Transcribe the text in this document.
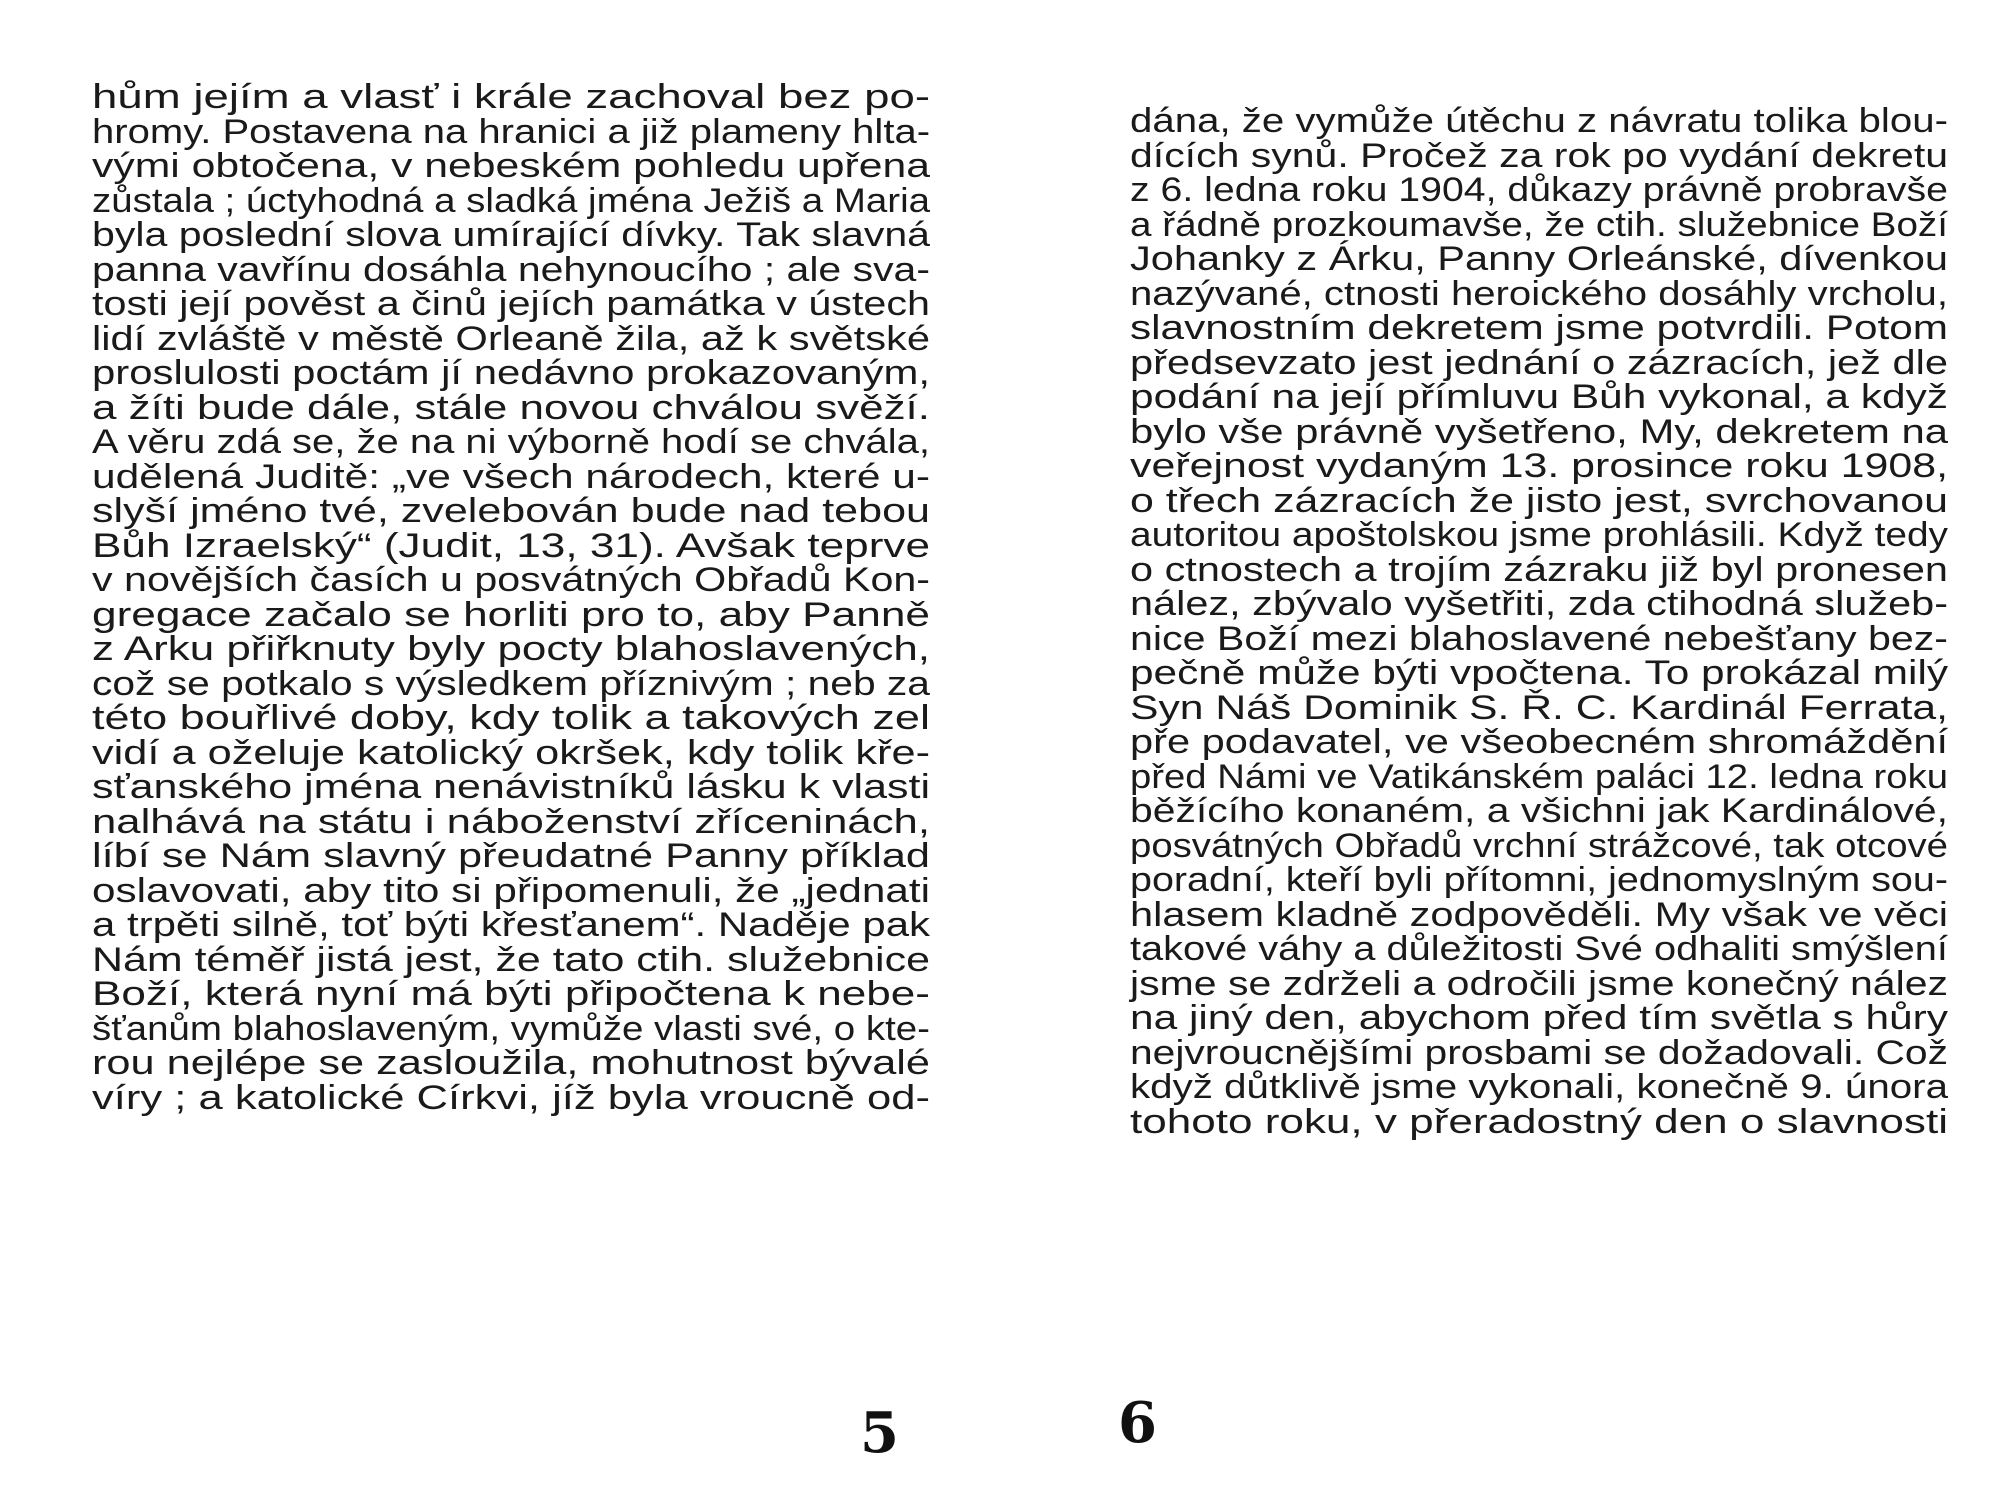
hům jejím a vlasť i krále zachoval bez po-
hromy. Postavena na hranici a již plameny hlta-
vými obtočena, v nebeském pohledu upřena
zůstala ; úctyhodná a sladká jména Ježiš a Maria
byla poslední slova umírající dívky. Tak slavná
panna vavřínu dosáhla nehynoucího ; ale sva-
tosti její pověst a činů jejích památka v ústech
lidí zvláště v městě Orleaně žila, až k světské
proslulosti poctám jí nedávno prokazovaným,
a žíti bude dále, stále novou chválou svěží.
A věru zdá se, že na ni výborně hodí se chvála,
udělená Juditě: „ve všech národech, které u-
slyší jméno tvé, zvelebován bude nad tebou
Bůh Izraelský“ (Judit, 13, 31). Avšak teprve
v novějších časích u posvátných Obřadů Kon-
gregace začalo se horliti pro to, aby Panně
z Arku přiřknuty byly pocty blahoslavených,
což se potkalo s výsledkem příznivým ; neb za
této bouřlivé doby, kdy tolik a takových zel
vidí a oželuje katolický okršek, kdy tolik kře-
sťanského jména nenávistníků lásku k vlasti
nalhává na státu i náboženství zříceninách,
líbí se Nám slavný přeudatné Panny příklad
oslavovati, aby tito si připomenuli, že „jednati
a trpěti silně, toť býti křesťanem“. Naděje pak
Nám téměř jistá jest, že tato ctih. služebnice
Boží, která nyní má býti připočtena k nebe-
šťanům blahoslaveným, vymůže vlasti své, o kte-
rou nejlépe se zasloužila, mohutnost bývalé
víry ; a katolické Církvi, jíž byla vroucně od-
5
dána, že vymůže útěchu z návratu tolika blou-
dících synů. Pročež za rok po vydání dekretu
z 6. ledna roku 1904, důkazy právně probravše
a řádně prozkoumavše, že ctih. služebnice Boží
Johanky z Árku, Panny Orleánské, dívenkou
nazývané, ctnosti heroického dosáhly vrcholu,
slavnostním dekretem jsme potvrdili. Potom
předsevzato jest jednání o zázracích, jež dle
podání na její přímluvu Bůh vykonal, a když
bylo vše právně vyšetřeno, My, dekretem na
veřejnost vydaným 13. prosince roku 1908,
o třech zázracích že jisto jest, svrchovanou
autoritou apoštolskou jsme prohlásili. Když tedy
o ctnostech a trojím zázraku již byl pronesen
nález, zbývalo vyšetřiti, zda ctihodná služeb-
nice Boží mezi blahoslavené nebešťany bez-
pečně může býti vpočtena. To prokázal milý
Syn Náš Dominik S. Ř. C. Kardinál Ferrata,
pře podavatel, ve všeobecném shromáždění
před Námi ve Vatikánském paláci 12. ledna roku
běžícího konaném, a všichni jak Kardinálové,
posvátných Obřadů vrchní strážcové, tak otcové
poradní, kteří byli přítomni, jednomyslným sou-
hlasem kladně zodpověděli. My však ve věci
takové váhy a důležitosti Své odhaliti smýšlení
jsme se zdrželi a odročili jsme konečný nález
na jiný den, abychom před tím světla s hůry
nejvroucnějšími prosbami se dožadovali. Což
když důtklivě jsme vykonali, konečně 9. února
tohoto roku, v přeradostný den o slavnosti
6
